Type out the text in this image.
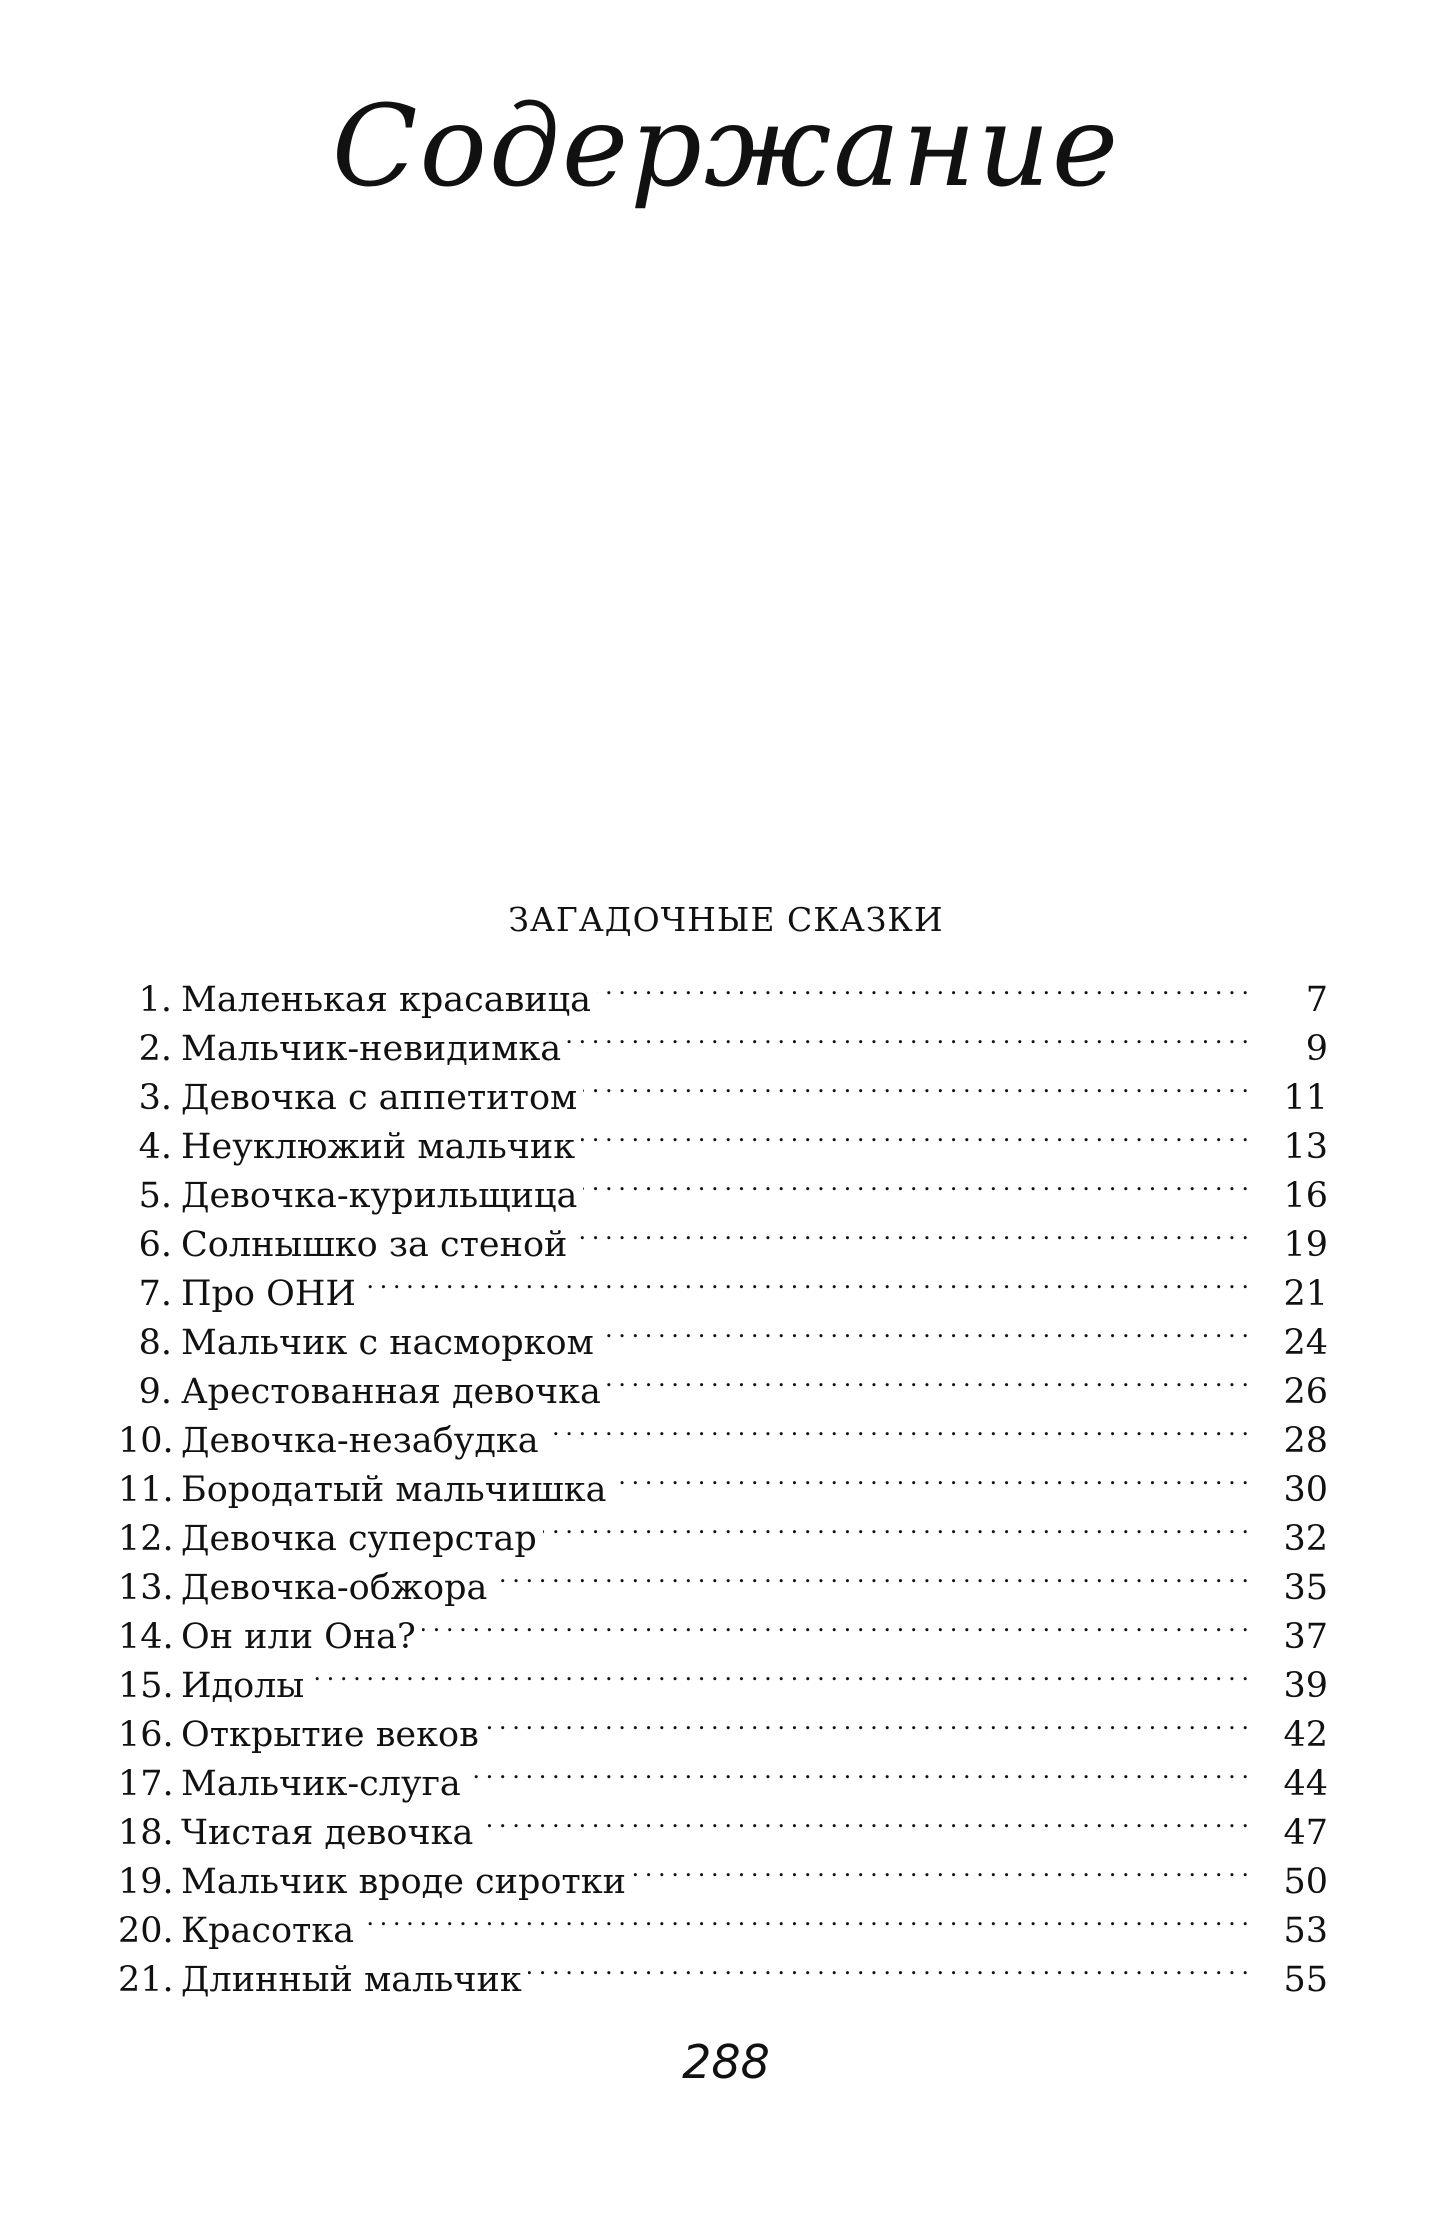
Содержание
ЗАГАДОЧНЫЕ СКАЗКИ
1. Маленькая красавица . . .	7
2. Мальчик-невидимка . . .	9
3. Девочка с аппетитом . . .	11
4. Неуклюжий мальчик . . .	13
5. Девочка-курильщица . . .	16
6. Солнышко за стеной . . .	19
7. Про ОНИ . . .	21
8. Мальчик с насморком . . .	24
9. Арестованная девочка . . .	26
10. Девочка-незабудка . . .	28
11. Бородатый мальчишка . . .	30
12. Девочка суперстар . . .	32
13. Девочка-обжора . . .	35
14. Он или Она? . . .	37
15. Идолы . . .	39
16. Открытие веков . . .	42
17. Мальчик-слуга . . .	44
18. Чистая девочка . . .	47
19. Мальчик вроде сиротки . . .	50
20. Красотка . . .	53
21. Длинный мальчик . . .	55
288
